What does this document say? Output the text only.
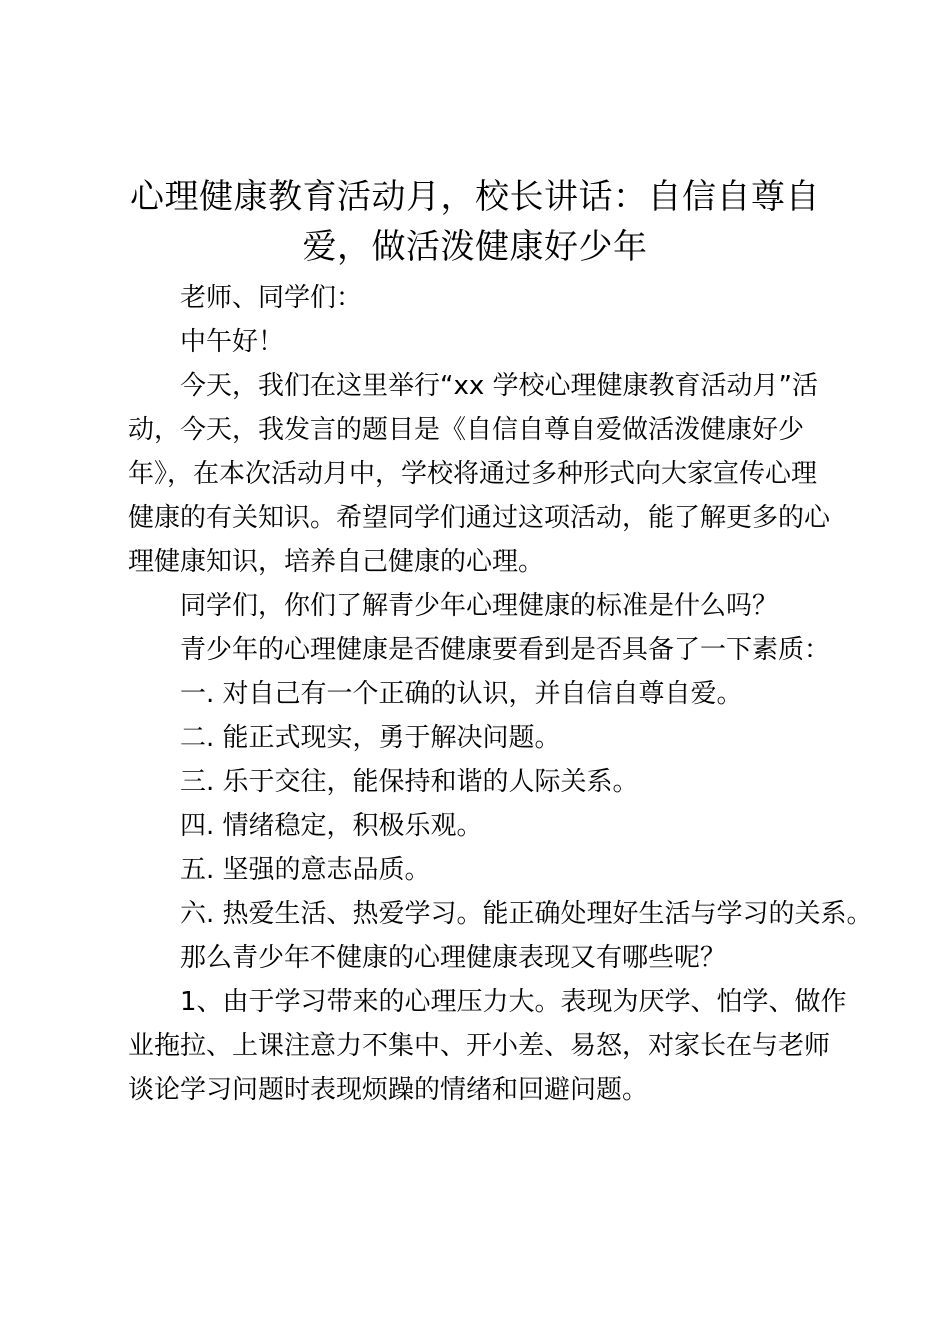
心理健康教育活动月，校长讲话：自信自尊自
爱，做活泼健康好少年
老师、同学们：
中午好！
今天，我们在这里举行“xx 学校心理健康教育活动月”活
动，今天，我发言的题目是《自信自尊自爱做活泼健康好少
年》，在本次活动月中，学校将通过多种形式向大家宣传心理
健康的有关知识。希望同学们通过这项活动，能了解更多的心
理健康知识，培养自己健康的心理。
同学们，你们了解青少年心理健康的标准是什么吗？
青少年的心理健康是否健康要看到是否具备了一下素质：
一. 对自己有一个正确的认识，并自信自尊自爱。
二. 能正式现实，勇于解决问题。
三. 乐于交往，能保持和谐的人际关系。
四. 情绪稳定，积极乐观。
五. 坚强的意志品质。
六. 热爱生活、热爱学习。能正确处理好生活与学习的关系。
那么青少年不健康的心理健康表现又有哪些呢？
1、由于学习带来的心理压力大。表现为厌学、怕学、做作
业拖拉、上课注意力不集中、开小差、易怒，对家长在与老师
谈论学习问题时表现烦躁的情绪和回避问题。
